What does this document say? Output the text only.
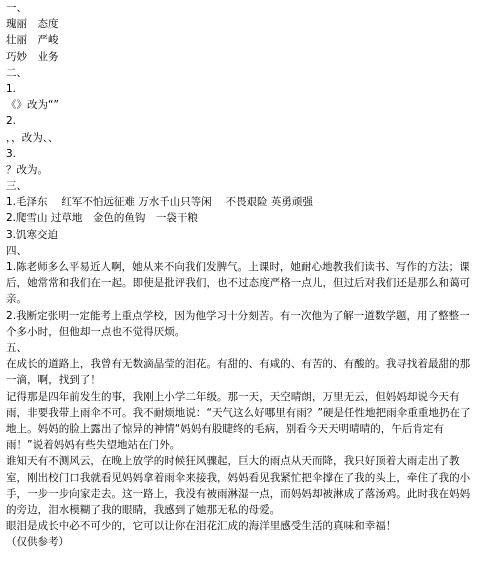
一、
瑰丽　态度
壮丽　严峻
巧妙　业务
二、
1.
《》改为“”
2.
，，改为、、
3.
？改为。
三、
1.毛泽东　 红军不怕远征难 万水千山只等闲 　不畏艰险 英勇顽强
2.爬雪山 过草地　金色的鱼钩　一袋干粮
3.饥寒交迫
四、
1.陈老师多么平易近人啊，她从来不向我们发脾气。上课时，她耐心地教我们读书、写作的方法；课后，她常常和我们在一起。即使是批评我们，也不过态度严格一点儿，但过后对我们还是那么和蔼可亲。
2.我断定张明一定能考上重点学校，因为他学习十分刻苦。有一次他为了解一道数学题，用了整整一个多小时，但他却一点也不觉得厌烦。
五、
在成长的道路上，我曾有无数滴晶莹的泪花。有甜的、有咸的、有苦的、有酸的。我寻找着最甜的那一滴，啊，找到了！
记得那是四年前发生的事，我刚上小学二年级。那一天，天空晴朗，万里无云，但妈妈却说今天有雨，非要我带上雨伞不可。我不耐烦地说：“天气这么好哪里有雨？”硬是任性地把雨伞重重地扔在了地上。妈妈的脸上露出了惊异的神情“妈妈有股睫终的毛病，别看今天天明晴晴的，午后肯定有雨！”说着妈妈有些失望地站在门外。
谁知天有不测风云，在晚上放学的时候狂风骤起，巨大的雨点从天而降，我只好顶着大雨走出了教室，刚出校门口我就看见妈妈拿着雨伞来接我，妈妈看见我紧忙把伞撑在了我的头上，牵住了我的小手，一步一步向家走去。这一路上，我没有被雨淋湿一点，而妈妈却被淋成了落汤鸡。此时我在妈妈的旁边，泪水模糊了我的眼睛，我感到了她那无私的母爱。
眼泪是成长中必不可少的，它可以让你在泪花汇成的海洋里感受生活的真味和幸福！
（仅供参考）
